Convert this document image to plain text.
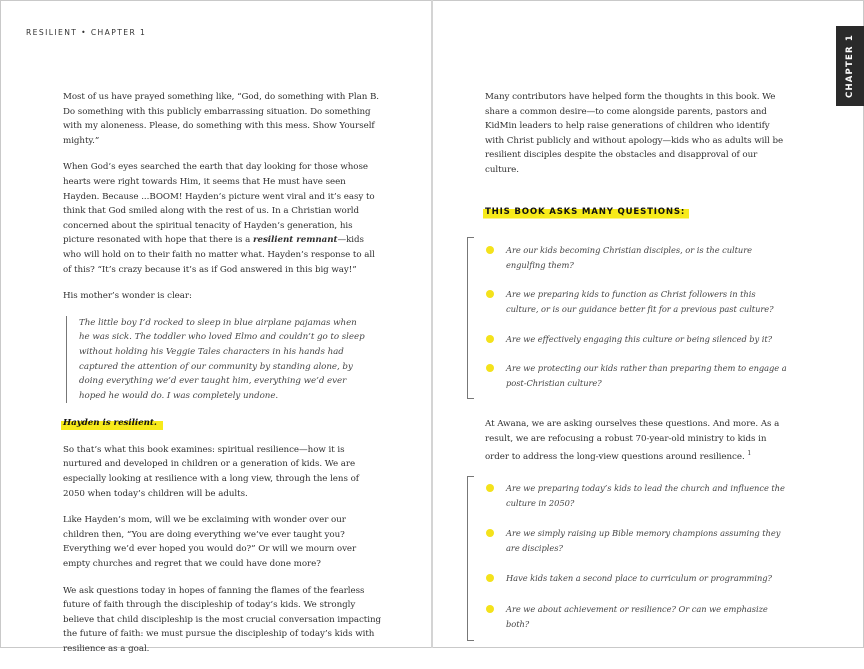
RESILIENT • CHAPTER 1

Most of us have prayed something like, “God, do something with Plan B. Do something with this publicly embarrassing situation. Do something with my aloneness. Please, do something with this mess. Show Yourself mighty.”

When God’s eyes searched the earth that day looking for those whose hearts were right towards Him, it seems that He must have seen Hayden. Because ...BOOM! Hayden’s picture went viral and it’s easy to think that God smiled along with the rest of us. In a Christian world concerned about the spiritual tenacity of Hayden’s generation, his picture resonated with hope that there is a resilient remnant—kids who will hold on to their faith no matter what. Hayden’s response to all of this? “It’s crazy because it’s as if God answered in this big way!”

His mother’s wonder is clear:

The little boy I’d rocked to sleep in blue airplane pajamas when he was sick. The toddler who loved Elmo and couldn’t go to sleep without holding his Veggie Tales characters in his hands had captured the attention of our community by standing alone, by doing everything we’d ever taught him, everything we’d ever hoped he would do. I was completely undone.

Hayden is resilient.

So that’s what this book examines: spiritual resilience—how it is nurtured and developed in children or a generation of kids. We are especially looking at resilience with a long view, through the lens of 2050 when today’s children will be adults.

Like Hayden’s mom, will we be exclaiming with wonder over our children then, “You are doing everything we’ve ever taught you? Everything we’d ever hoped you would do?” Or will we mourn over empty churches and regret that we could have done more?

We ask questions today in hopes of fanning the flames of the fearless future of faith through the discipleship of today’s kids. We strongly believe that child discipleship is the most crucial conversation impacting the future of faith: we must pursue the discipleship of today’s kids with resilience as a goal.

CHAPTER 1

Many contributors have helped form the thoughts in this book. We share a common desire—to come alongside parents, pastors and KidMin leaders to help raise generations of children who identify with Christ publicly and without apology—kids who as adults will be resilient disciples despite the obstacles and disapproval of our culture.

THIS BOOK ASKS MANY QUESTIONS:
Are our kids becoming Christian disciples, or is the culture engulfing them?
Are we preparing kids to function as Christ followers in this culture, or is our guidance better fit for a previous past culture?
Are we effectively engaging this culture or being silenced by it?
Are we protecting our kids rather than preparing them to engage a post-Christian culture?

At Awana, we are asking ourselves these questions. And more. As a result, we are refocusing a robust 70-year-old ministry to kids in order to address the long-view questions around resilience. $^1$

Are we preparing today’s kids to lead the church and influence the culture in 2050?
Are we simply raising up Bible memory champions assuming they are disciples?
Have kids taken a second place to curriculum or programming?
Are we about achievement or resilience? Or can we emphasize both?
